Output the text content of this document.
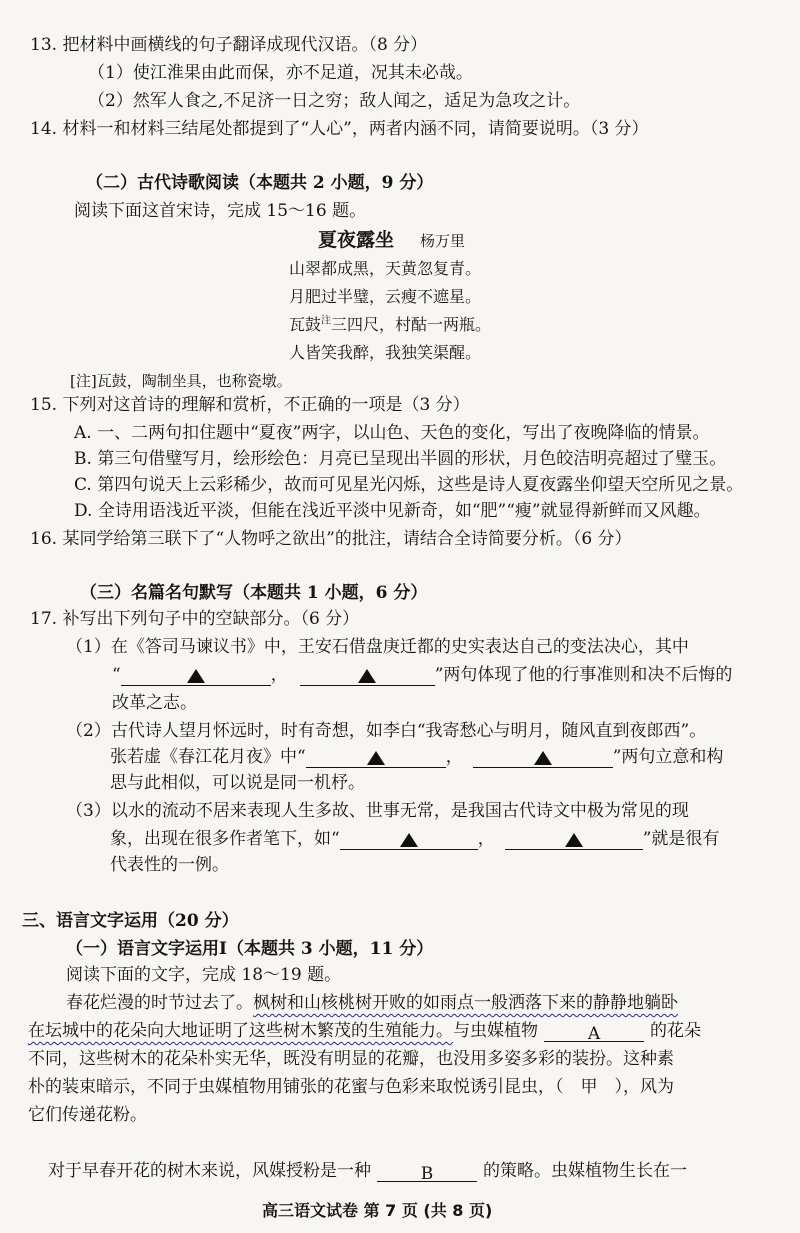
13. 把材料中画横线的句子翻译成现代汉语。（8 分）
（1）使江淮果由此而保，亦不足道，况其未必哉。
（2）然军人食之,不足济一日之穷；敌人闻之，适足为急攻之计。
14. 材料一和材料三结尾处都提到了“人心”，两者内涵不同，请简要说明。（3 分）
（二）古代诗歌阅读（本题共 2 小题，9 分）
阅读下面这首宋诗，完成 15～16 题。
夏夜露坐 杨万里
山翠都成黑，天黄忽复青。
月肥过半璧，云瘦不遮星。
瓦鼓$^注$三四尺，村酤一两瓶。
人皆笑我醉，我独笑渠醒。
[注]瓦鼓，陶制坐具，也称瓷墩。
15. 下列对这首诗的理解和赏析，不正确的一项是（3 分）
A. 一、二两句扣住题中“夏夜”两字，以山色、天色的变化，写出了夜晚降临的情景。
B. 第三句借璧写月，绘形绘色：月亮已呈现出半圆的形状，月色皎洁明亮超过了璧玉。
C. 第四句说天上云彩稀少，故而可见星光闪烁，这些是诗人夏夜露坐仰望天空所见之景。
D. 全诗用语浅近平淡，但能在浅近平淡中见新奇，如“肥”“瘦”就显得新鲜而又风趣。
16. 某同学给第三联下了“人物呼之欲出”的批注，请结合全诗简要分析。（6 分）
（三）名篇名句默写（本题共 1 小题，6 分）
17. 补写出下列句子中的空缺部分。（6 分）
（1）在《答司马谏议书》中，王安石借盘庚迁都的史实表达自己的变法决心，其中
“	，	”两句体现了他的行事准则和决不后悔的
改革之志。
（2）古代诗人望月怀远时，时有奇想，如李白“我寄愁心与明月，随风直到夜郎西”。
张若虚《春江花月夜》中“	，	”两句立意和构
思与此相似，可以说是同一机杼。
（3）以水的流动不居来表现人生多故、世事无常，是我国古代诗文中极为常见的现
象，出现在很多作者笔下，如“	，	”就是很有
代表性的一例。
三、语言文字运用（20 分）
（一）语言文字运用Ⅰ（本题共 3 小题，11 分）
阅读下面的文字，完成 18～19 题。
春花烂漫的时节过去了。枫树和山核桃树开败的如雨点一般洒落下来的静静地躺卧
在坛城中的花朵向大地证明了这些树木繁茂的生殖能力。与虫媒植物	A	的花朵
不同，这些树木的花朵朴实无华，既没有明显的花瓣，也没用多姿多彩的装扮。这种素
朴的装束暗示，不同于虫媒植物用铺张的花蜜与色彩来取悦诱引昆虫，（　甲　），风为
它们传递花粉。
对于早春开花的树木来说，风媒授粉是一种	B	的策略。虫媒植物生长在一
高三语文试卷 第 7 页 (共 8 页)
